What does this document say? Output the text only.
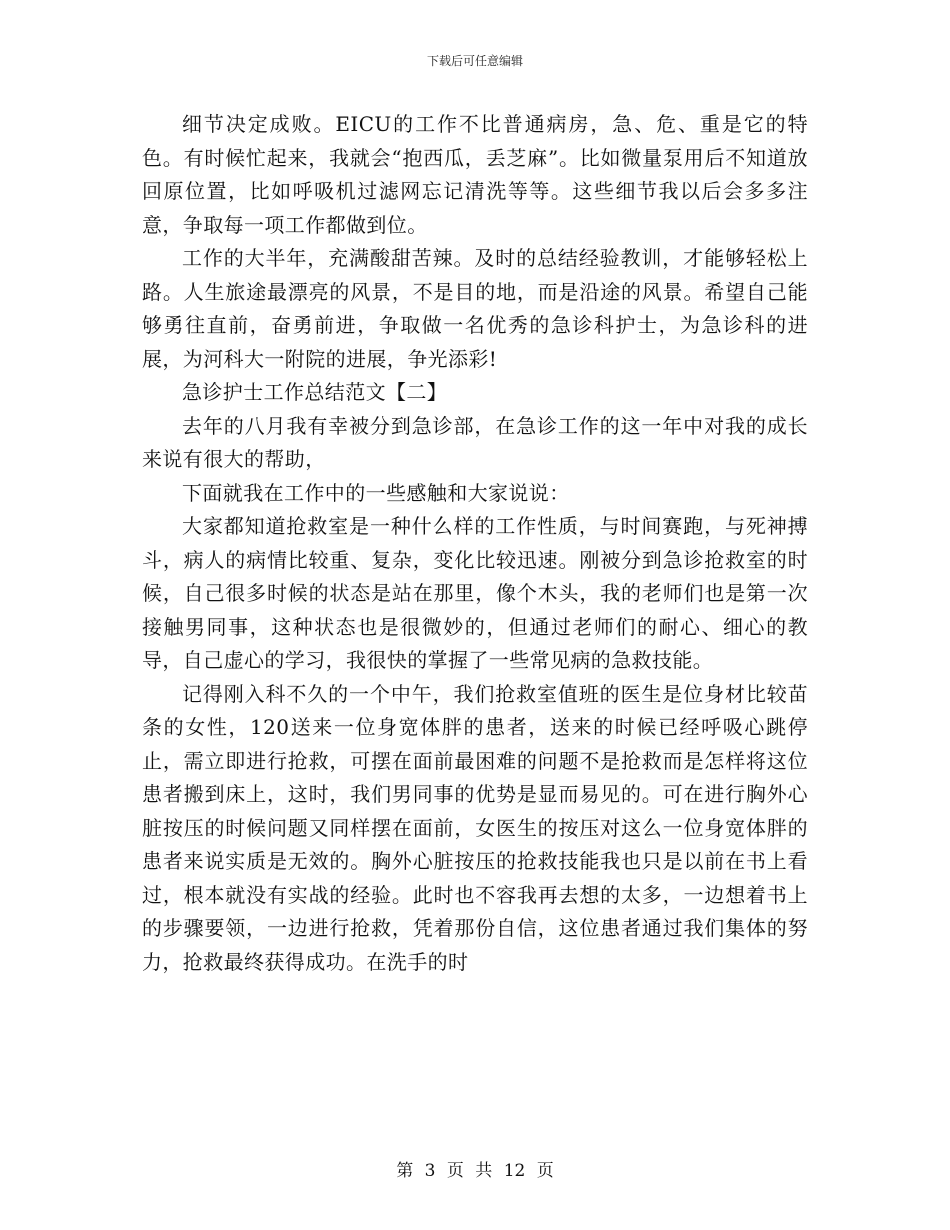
下载后可任意编辑

细节决定成败。EICU的工作不比普通病房，急、危、重是它的特色。有时候忙起来，我就会“抱西瓜，丢芝麻”。比如微量泵用后不知道放回原位置，比如呼吸机过滤网忘记清洗等等。这些细节我以后会多多注意，争取每一项工作都做到位。

工作的大半年，充满酸甜苦辣。及时的总结经验教训，才能够轻松上路。人生旅途最漂亮的风景，不是目的地，而是沿途的风景。希望自己能够勇往直前，奋勇前进，争取做一名优秀的急诊科护士，为急诊科的进展，为河科大一附院的进展，争光添彩!

急诊护士工作总结范文【二】

去年的八月我有幸被分到急诊部，在急诊工作的这一年中对我的成长来说有很大的帮助，

下面就我在工作中的一些感触和大家说说：

大家都知道抢救室是一种什么样的工作性质，与时间赛跑，与死神搏斗，病人的病情比较重、复杂，变化比较迅速。刚被分到急诊抢救室的时候，自己很多时候的状态是站在那里，像个木头，我的老师们也是第一次接触男同事，这种状态也是很微妙的，但通过老师们的耐心、细心的教导，自己虚心的学习，我很快的掌握了一些常见病的急救技能。

记得刚入科不久的一个中午，我们抢救室值班的医生是位身材比较苗条的女性，120送来一位身宽体胖的患者，送来的时候已经呼吸心跳停止，需立即进行抢救，可摆在面前最困难的问题不是抢救而是怎样将这位患者搬到床上，这时，我们男同事的优势是显而易见的。可在进行胸外心脏按压的时候问题又同样摆在面前，女医生的按压对这么一位身宽体胖的患者来说实质是无效的。胸外心脏按压的抢救技能我也只是以前在书上看过，根本就没有实战的经验。此时也不容我再去想的太多，一边想着书上的步骤要领，一边进行抢救，凭着那份自信，这位患者通过我们集体的努力，抢救最终获得成功。在洗手的时

第 3 页 共 12 页
